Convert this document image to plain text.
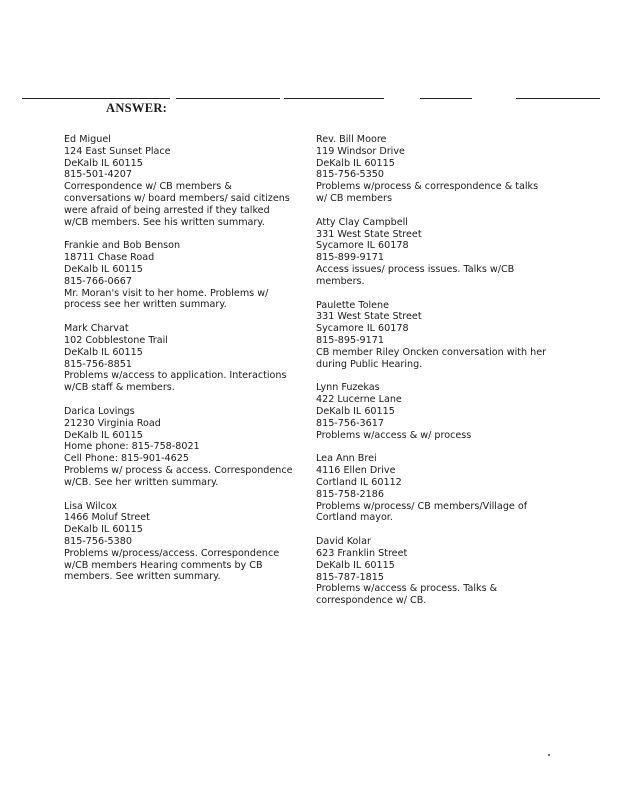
ANSWER:
Ed Miguel
124 East Sunset Place
DeKalb IL 60115
815-501-4207
Correspondence w/ CB members &
conversations w/ board members/ said citizens
were afraid of being arrested if they talked
w/CB members. See his written summary.
Frankie and Bob Benson
18711 Chase Road
DeKalb IL 60115
815-766-0667
Mr. Moran's visit to her home. Problems w/
process see her written summary.
Mark Charvat
102 Cobblestone Trail
DeKalb IL 60115
815-756-8851
Problems w/access to application. Interactions
w/CB staff & members.
Darica Lovings
21230 Virginia Road
DeKalb IL 60115
Home phone: 815-758-8021
Cell Phone: 815-901-4625
Problems w/ process & access. Correspondence
w/CB. See her written summary.
Lisa Wilcox
1466 Moluf Street
DeKalb IL 60115
815-756-5380
Problems w/process/access. Correspondence
w/CB members Hearing comments by CB
members. See written summary.
Rev. Bill Moore
119 Windsor Drive
DeKalb IL 60115
815-756-5350
Problems w/process & correspondence & talks
w/ CB members
Atty Clay Campbell
331 West State Street
Sycamore IL 60178
815-899-9171
Access issues/ process issues. Talks w/CB
members.
Paulette Tolene
331 West State Street
Sycamore IL 60178
815-895-9171
CB member Riley Oncken conversation with her
during Public Hearing.
Lynn Fuzekas
422 Lucerne Lane
DeKalb IL 60115
815-756-3617
Problems w/access & w/ process
Lea Ann Brei
4116 Ellen Drive
Cortland IL 60112
815-758-2186
Problems w/process/ CB members/Village of
Cortland mayor.
David Kolar
623 Franklin Street
DeKalb IL 60115
815-787-1815
Problems w/access & process. Talks &
correspondence w/ CB.
